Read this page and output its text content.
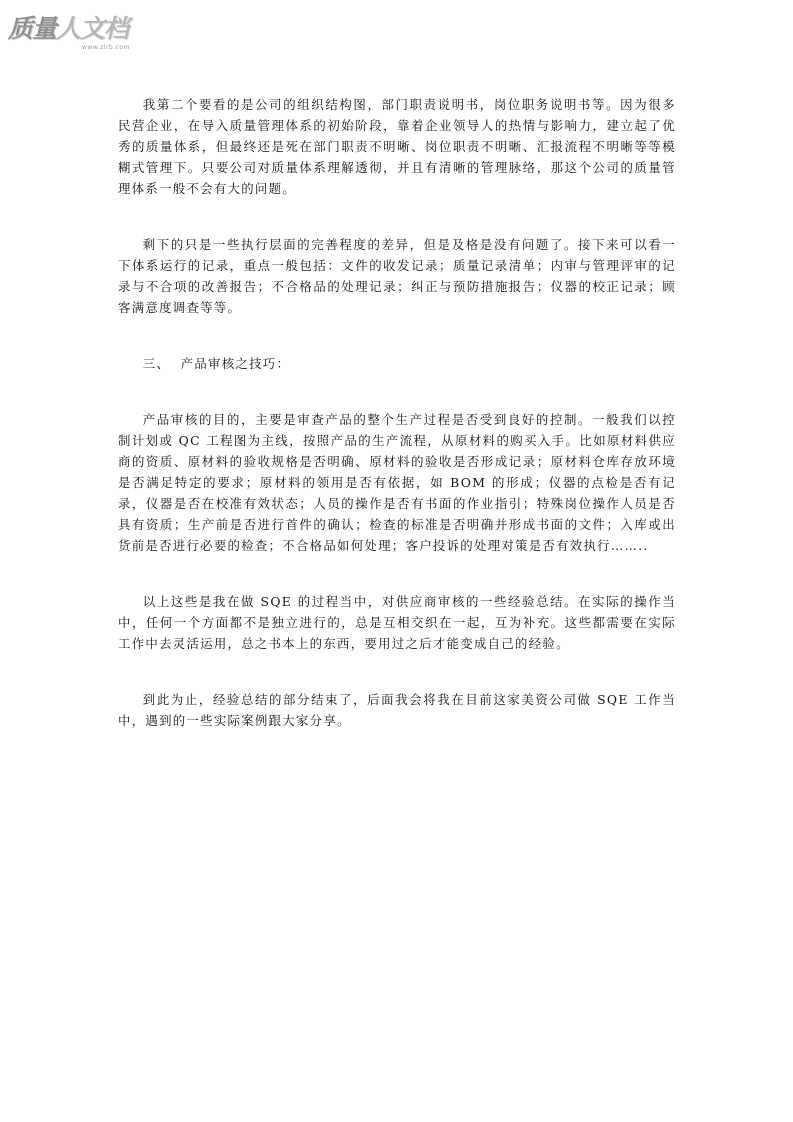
质量人文档
www.zlrb.com

我第二个要看的是公司的组织结构图，部门职责说明书，岗位职务说明书等。因为很多民营企业，在导入质量管理体系的初始阶段，靠着企业领导人的热情与影响力，建立起了优秀的质量体系，但最终还是死在部门职责不明晰、岗位职责不明晰、汇报流程不明晰等等模糊式管理下。只要公司对质量体系理解透彻，并且有清晰的管理脉络，那这个公司的质量管理体系一般不会有大的问题。

剩下的只是一些执行层面的完善程度的差异，但是及格是没有问题了。接下来可以看一下体系运行的记录，重点一般包括：文件的收发记录；质量记录清单；内审与管理评审的记录与不合项的改善报告；不合格品的处理记录；纠正与预防措施报告；仪器的校正记录；顾客满意度调查等等。

三、  产品审核之技巧：

产品审核的目的，主要是审查产品的整个生产过程是否受到良好的控制。一般我们以控制计划或 QC 工程图为主线，按照产品的生产流程，从原材料的购买入手。比如原材料供应商的资质、原材料的验收规格是否明确、原材料的验收是否形成记录；原材料仓库存放环境是否满足特定的要求；原材料的领用是否有依据，如 BOM 的形成；仪器的点检是否有记录，仪器是否在校准有效状态；人员的操作是否有书面的作业指引；特殊岗位操作人员是否具有资质；生产前是否进行首件的确认；检查的标准是否明确并形成书面的文件；入库或出货前是否进行必要的检查；不合格品如何处理；客户投诉的处理对策是否有效执行……..

以上这些是我在做 SQE 的过程当中，对供应商审核的一些经验总结。在实际的操作当中，任何一个方面都不是独立进行的，总是互相交织在一起，互为补充。这些都需要在实际工作中去灵活运用，总之书本上的东西，要用过之后才能变成自己的经验。

到此为止，经验总结的部分结束了，后面我会将我在目前这家美资公司做 SQE 工作当中，遇到的一些实际案例跟大家分享。
